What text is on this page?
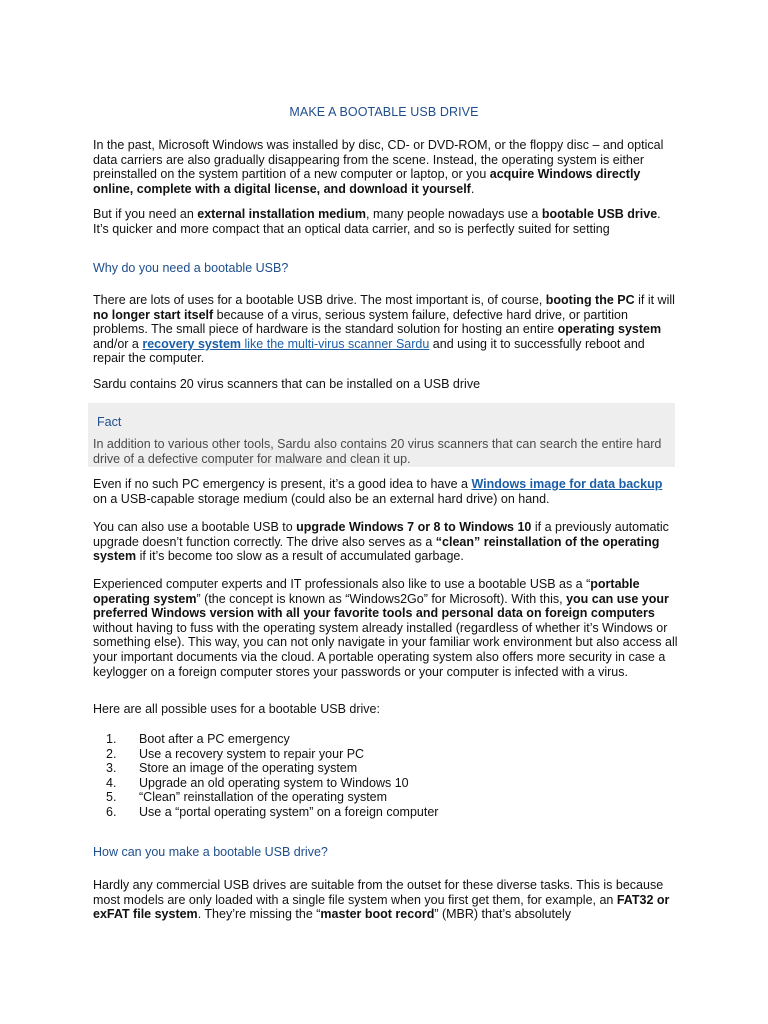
MAKE A BOOTABLE USB DRIVE

In the past, Microsoft Windows was installed by disc, CD- or DVD-ROM, or the floppy disc – and optical data carriers are also gradually disappearing from the scene. Instead, the operating system is either preinstalled on the system partition of a new computer or laptop, or you acquire Windows directly online, complete with a digital license, and download it yourself.

But if you need an external installation medium, many people nowadays use a bootable USB drive. It’s quicker and more compact that an optical data carrier, and so is perfectly suited for setting

Why do you need a bootable USB?

There are lots of uses for a bootable USB drive. The most important is, of course, booting the PC if it will no longer start itself because of a virus, serious system failure, defective hard drive, or partition problems. The small piece of hardware is the standard solution for hosting an entire operating system and/or a recovery system like the multi-virus scanner Sardu and using it to successfully reboot and repair the computer.

Sardu contains 20 virus scanners that can be installed on a USB drive
Fact
In addition to various other tools, Sardu also contains 20 virus scanners that can search the entire hard drive of a defective computer for malware and clean it up.

Even if no such PC emergency is present, it’s a good idea to have a Windows image for data backup on a USB-capable storage medium (could also be an external hard drive) on hand.

You can also use a bootable USB to upgrade Windows 7 or 8 to Windows 10 if a previously automatic upgrade doesn’t function correctly. The drive also serves as a “clean” reinstallation of the operating system if it’s become too slow as a result of accumulated garbage.

Experienced computer experts and IT professionals also like to use a bootable USB as a “portable operating system” (the concept is known as “Windows2Go” for Microsoft). With this, you can use your preferred Windows version with all your favorite tools and personal data on foreign computers without having to fuss with the operating system already installed (regardless of whether it’s Windows or something else). This way, you can not only navigate in your familiar work environment but also access all your important documents via the cloud. A portable operating system also offers more security in case a keylogger on a foreign computer stores your passwords or your computer is infected with a virus.

Here are all possible uses for a bootable USB drive:
1. Boot after a PC emergency
2. Use a recovery system to repair your PC
3. Store an image of the operating system
4. Upgrade an old operating system to Windows 10
5. “Clean” reinstallation of the operating system
6. Use a “portal operating system” on a foreign computer
How can you make a bootable USB drive?

Hardly any commercial USB drives are suitable from the outset for these diverse tasks. This is because most models are only loaded with a single file system when you first get them, for example, an FAT32 or exFAT file system. They’re missing the “master boot record” (MBR) that’s absolutely
